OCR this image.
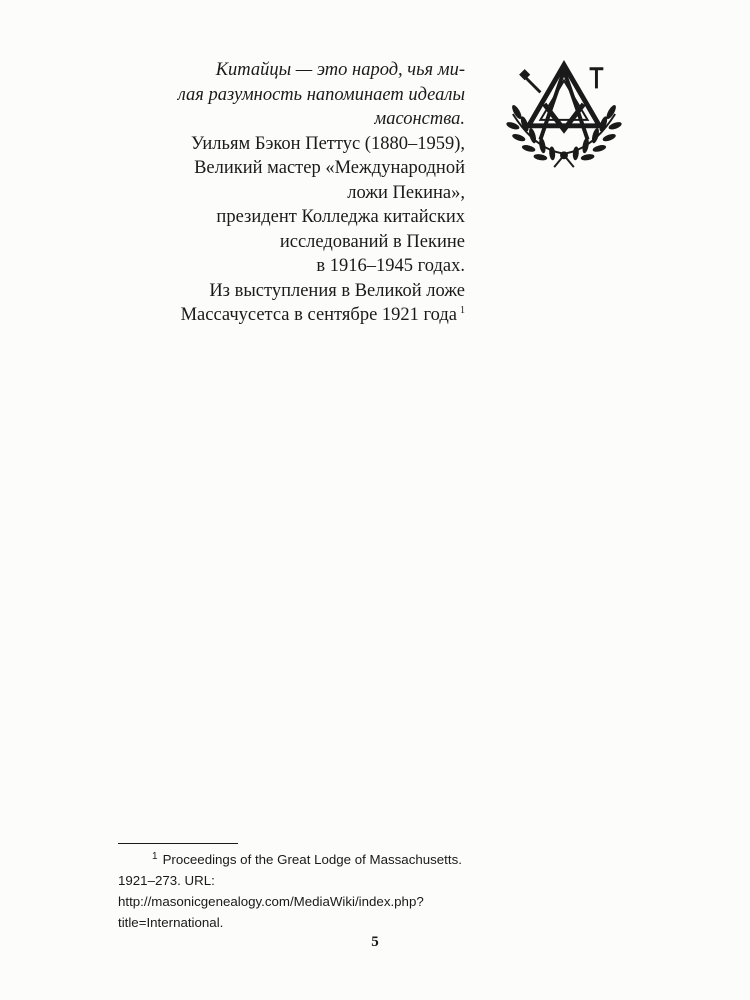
Китайцы — это народ, чья ми-
лая разумность напоминает идеалы
масонства.
Уильям Бэкон Петтус (1880–1959),
Великий мастер «Международной
ложи Пекина»,
президент Колледжа китайских
исследований в Пекине
в 1916–1945 годах.
Из выступления в Великой ложе
Массачусетса в сентябре 1921 года $^1$

$^1$ Proceedings of the Great Lodge of Massachusetts. 1921–273. URL: http://masonicgenealogy.com/MediaWiki/index.php?title=International.

5
